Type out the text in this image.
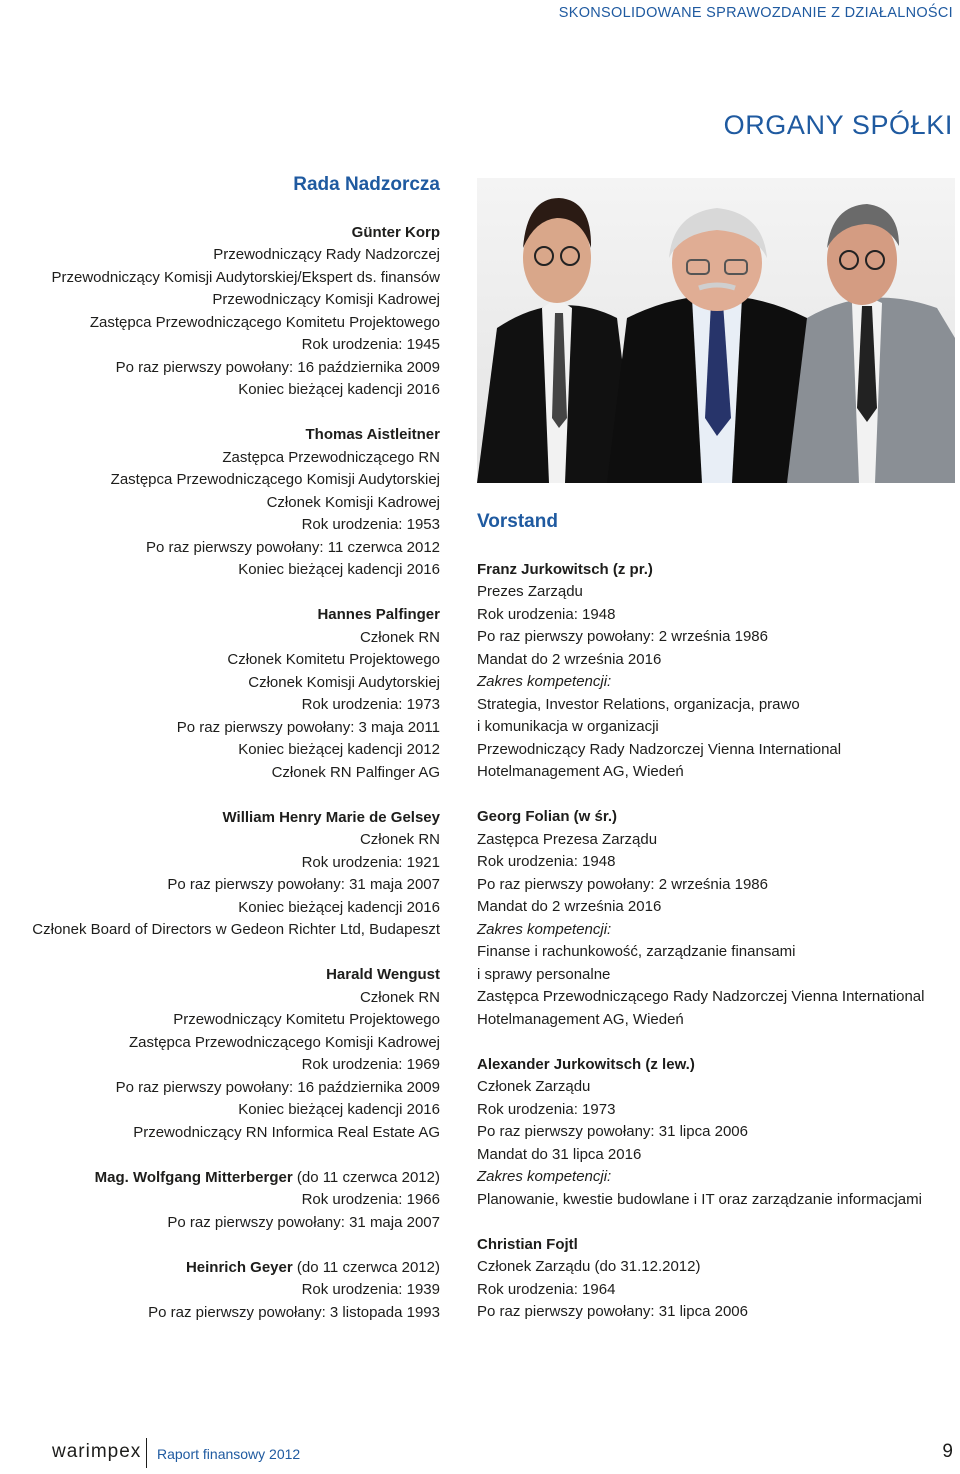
SKONSOLIDOWANE SPRAWOZDANIE Z DZIAŁALNOŚCI
ORGANY SPÓŁKI
Rada Nadzorcza
Günter Korp
Przewodniczący Rady Nadzorczej
Przewodniczący Komisji Audytorskiej/Ekspert ds. finansów
Przewodniczący Komisji Kadrowej
Zastępca Przewodniczącego Komitetu Projektowego
Rok urodzenia: 1945
Po raz pierwszy powołany: 16 października 2009
Koniec bieżącej kadencji 2016
Thomas Aistleitner
Zastępca Przewodniczącego RN
Zastępca Przewodniczącego Komisji Audytorskiej
Członek Komisji Kadrowej
Rok urodzenia: 1953
Po raz pierwszy powołany: 11 czerwca 2012
Koniec bieżącej kadencji 2016
Hannes Palfinger
Członek RN
Członek Komitetu Projektowego
Członek Komisji Audytorskiej
Rok urodzenia: 1973
Po raz pierwszy powołany: 3 maja 2011
Koniec bieżącej kadencji 2012
Członek RN Palfinger AG
William Henry Marie de Gelsey
Członek RN
Rok urodzenia: 1921
Po raz pierwszy powołany: 31 maja 2007
Koniec bieżącej kadencji 2016
Członek Board of Directors w Gedeon Richter Ltd, Budapeszt
Harald Wengust
Członek RN
Przewodniczący Komitetu Projektowego
Zastępca Przewodniczącego Komisji Kadrowej
Rok urodzenia: 1969
Po raz pierwszy powołany: 16 października 2009
Koniec bieżącej kadencji 2016
Przewodniczący RN Informica Real Estate AG
Mag. Wolfgang Mitterberger (do 11 czerwca 2012)
Rok urodzenia: 1966
Po raz pierwszy powołany: 31 maja 2007
Heinrich Geyer (do 11 czerwca 2012)
Rok urodzenia: 1939
Po raz pierwszy powołany: 3 listopada 1993
Vorstand
Franz Jurkowitsch (z pr.)
Prezes Zarządu
Rok urodzenia: 1948
Po raz pierwszy powołany: 2 września 1986
Mandat do 2 września 2016
Zakres kompetencji:
Strategia, Investor Relations, organizacja, prawo
i komunikacja w organizacji
Przewodniczący Rady Nadzorczej Vienna International
Hotelmanagement AG, Wiedeń
Georg Folian (w śr.)
Zastępca Prezesa Zarządu
Rok urodzenia: 1948
Po raz pierwszy powołany: 2 września 1986
Mandat do 2 września 2016
Zakres kompetencji:
Finanse i rachunkowość, zarządzanie finansami
i sprawy personalne
Zastępca Przewodniczącego Rady Nadzorczej Vienna International
Hotelmanagement AG, Wiedeń
Alexander Jurkowitsch (z lew.)
Członek Zarządu
Rok urodzenia: 1973
Po raz pierwszy powołany: 31 lipca 2006
Mandat do 31 lipca 2016
Zakres kompetencji:
Planowanie, kwestie budowlane i IT oraz zarządzanie informacjami
Christian Fojtl
Członek Zarządu (do 31.12.2012)
Rok urodzenia: 1964
Po raz pierwszy powołany: 31 lipca 2006
warimpex Raport finansowy 2012	9
